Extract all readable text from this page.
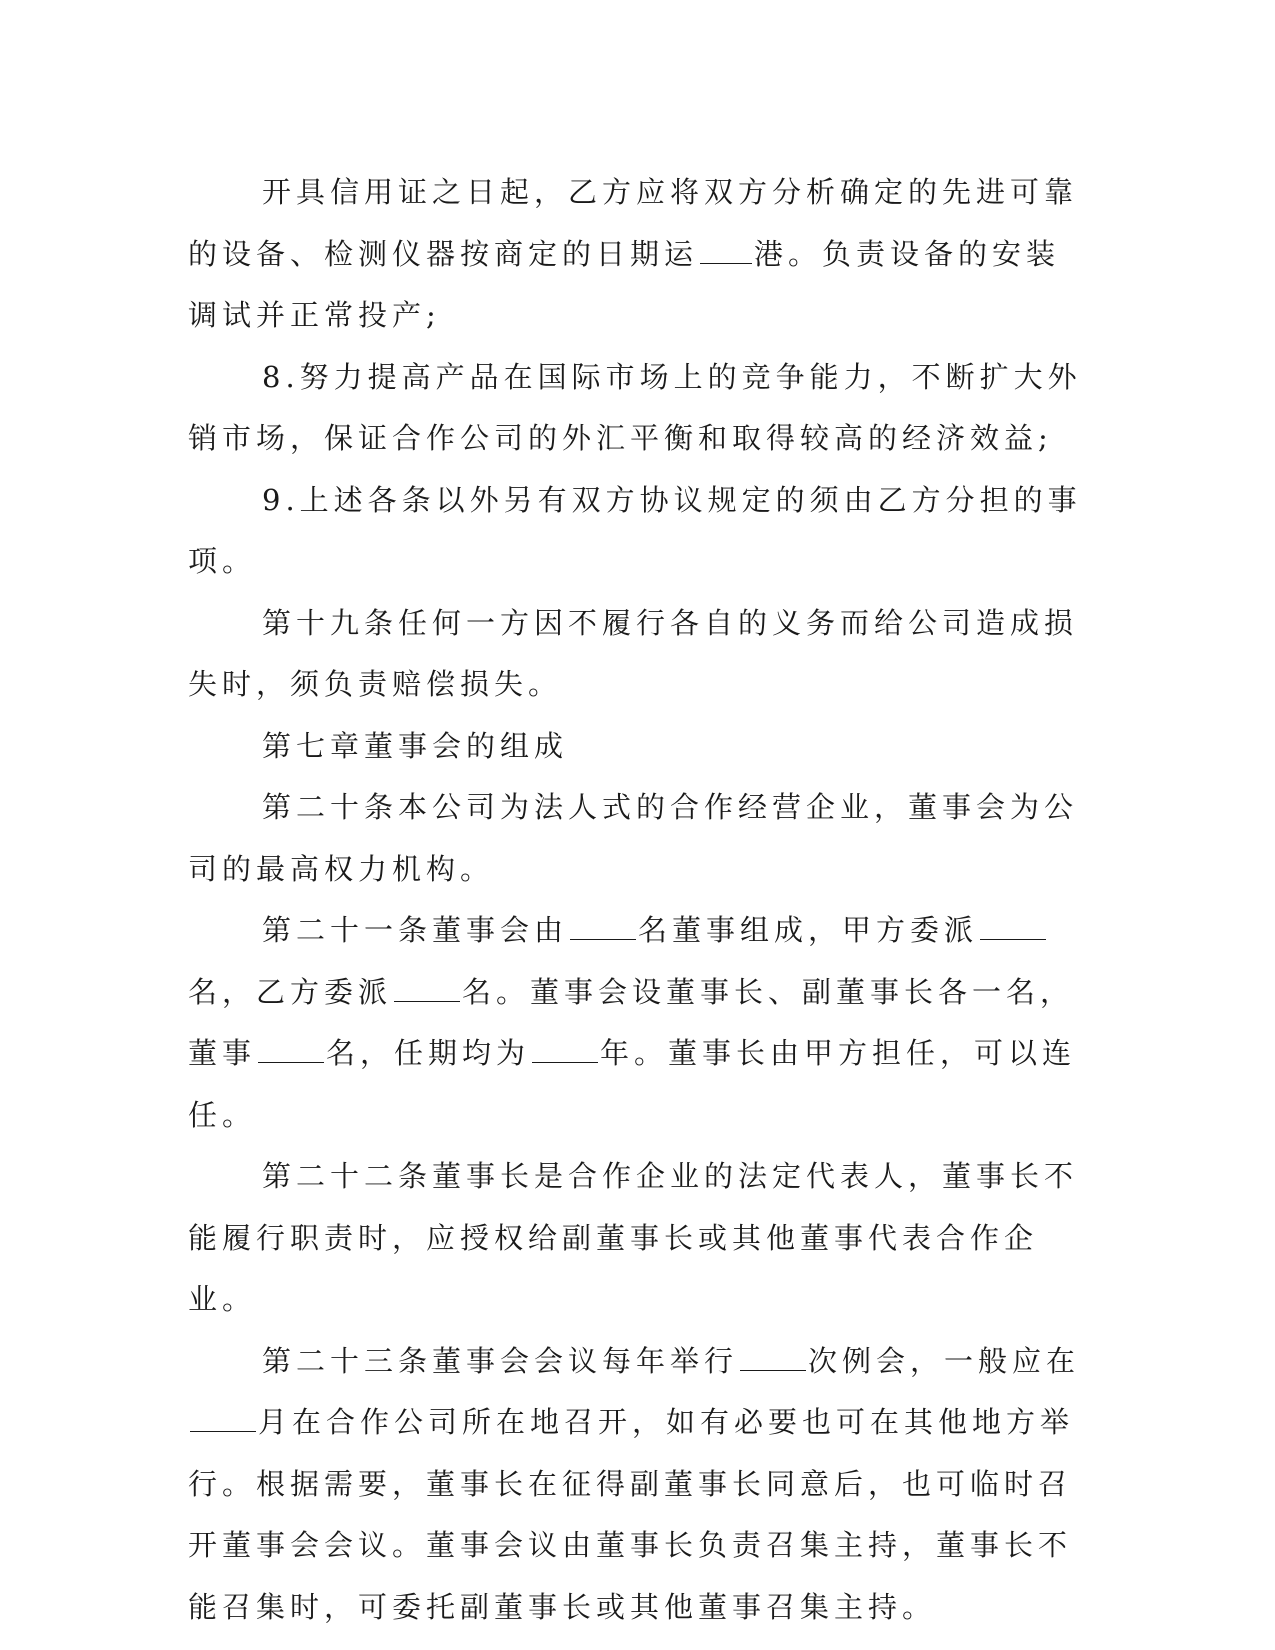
开具信用证之日起，乙方应将双方分析确定的先进可靠的设备、检测仪器按商定的日期运 港。负责设备的安装调试并正常投产;

8.努力提高产品在国际市场上的竞争能力，不断扩大外销市场，保证合作公司的外汇平衡和取得较高的经济效益;

9.上述各条以外另有双方协议规定的须由乙方分担的事项。

第十九条任何一方因不履行各自的义务而给公司造成损失时，须负责赔偿损失。

第七章董事会的组成

第二十条本公司为法人式的合作经营企业，董事会为公司的最高权力机构。

第二十一条董事会由 名董事组成，甲方委派名，乙方委派 名。董事会设董事长、副董事长各一名，董事 名，任期均为 年。董事长由甲方担任，可以连任。

第二十二条董事长是合作企业的法定代表人，董事长不能履行职责时，应授权给副董事长或其他董事代表合作企业。

第二十三条董事会会议每年举行 次例会，一般应在月在合作公司所在地召开，如有必要也可在其他地方举行。根据需要，董事长在征得副董事长同意后，也可临时召开董事会会议。董事会议由董事长负责召集主持，董事长不能召集时，可委托副董事长或其他董事召集主持。
